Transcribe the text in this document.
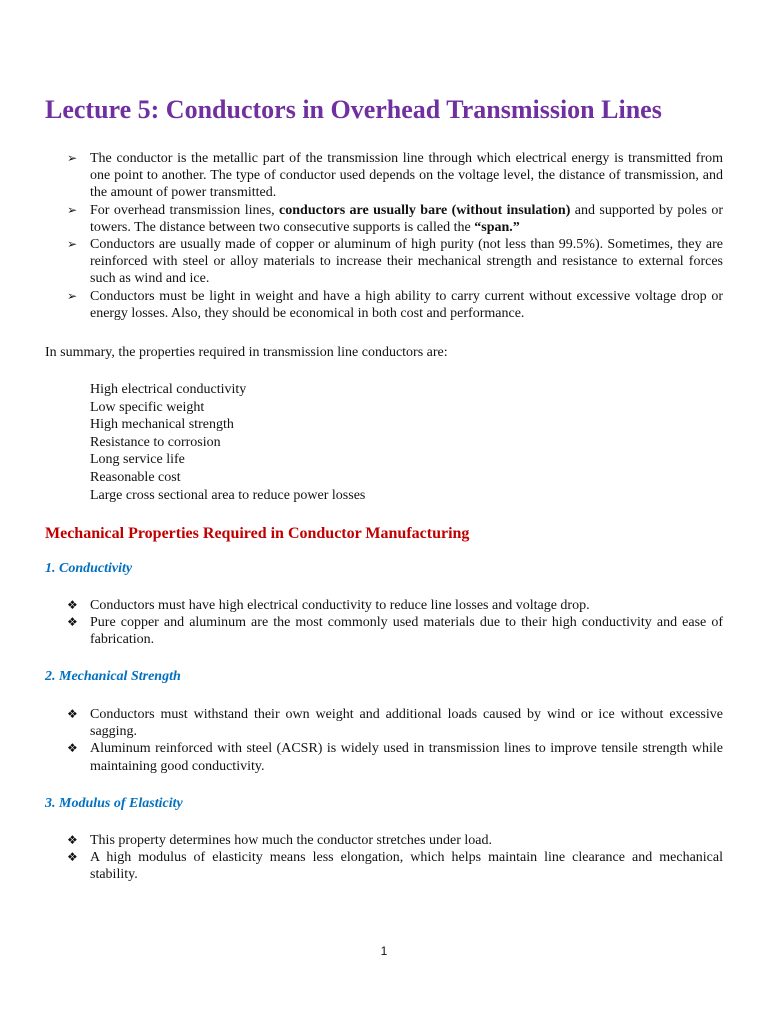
Lecture 5: Conductors in Overhead Transmission Lines
➢ The conductor is the metallic part of the transmission line through which electrical energy is transmitted from one point to another. The type of conductor used depends on the voltage level, the distance of transmission, and the amount of power transmitted.
➢ For overhead transmission lines, conductors are usually bare (without insulation) and supported by poles or towers. The distance between two consecutive supports is called the “span.”
➢ Conductors are usually made of copper or aluminum of high purity (not less than 99.5%). Sometimes, they are reinforced with steel or alloy materials to increase their mechanical strength and resistance to external forces such as wind and ice.
➢ Conductors must be light in weight and have a high ability to carry current without excessive voltage drop or energy losses. Also, they should be economical in both cost and performance.

In summary, the properties required in transmission line conductors are:

High electrical conductivity
Low specific weight
High mechanical strength
Resistance to corrosion
Long service life
Reasonable cost
Large cross sectional area to reduce power losses
Mechanical Properties Required in Conductor Manufacturing
1. Conductivity
❖ Conductors must have high electrical conductivity to reduce line losses and voltage drop.
❖ Pure copper and aluminum are the most commonly used materials due to their high conductivity and ease of fabrication.
2. Mechanical Strength
❖ Conductors must withstand their own weight and additional loads caused by wind or ice without excessive sagging.
❖ Aluminum reinforced with steel (ACSR) is widely used in transmission lines to improve tensile strength while maintaining good conductivity.
3. Modulus of Elasticity
❖ This property determines how much the conductor stretches under load.
❖ A high modulus of elasticity means less elongation, which helps maintain line clearance and mechanical stability.
1
